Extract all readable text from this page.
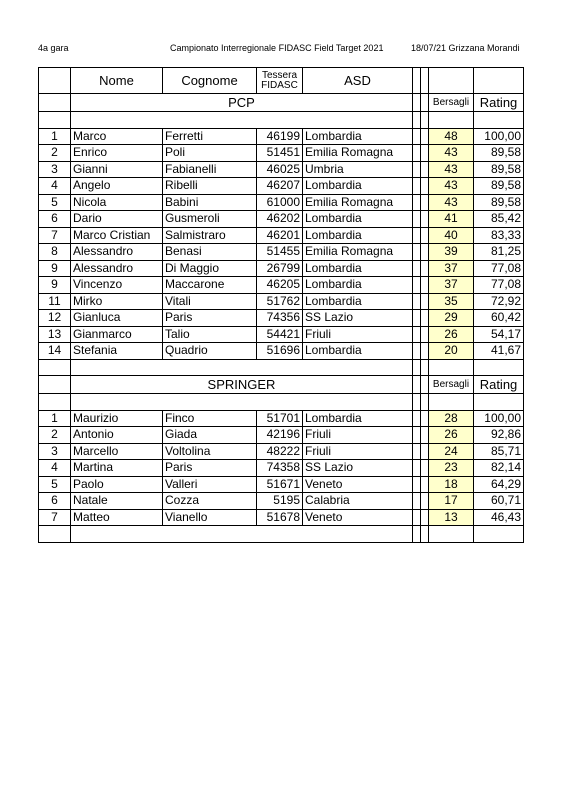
4a gara	Campionato Interregionale FIDASC Field Target 2021	18/07/21 Grizzana Morandi
	Nome	Cognome	Tessera FIDASC	ASD				
	PCP						Bersagli	Rating

1	Marco	Ferretti	46199	Lombardia			48	100,00
2	Enrico	Poli	51451	Emilia Romagna			43	89,58
3	Gianni	Fabianelli	46025	Umbria			43	89,58
4	Angelo	Ribelli	46207	Lombardia			43	89,58
5	Nicola	Babini	61000	Emilia Romagna			43	89,58
6	Dario	Gusmeroli	46202	Lombardia			41	85,42
7	Marco Cristian	Salmistraro	46201	Lombardia			40	83,33
8	Alessandro	Benasi	51455	Emilia Romagna			39	81,25
9	Alessandro	Di Maggio	26799	Lombardia			37	77,08
9	Vincenzo	Maccarone	46205	Lombardia			37	77,08
11	Mirko	Vitali	51762	Lombardia			35	72,92
12	Gianluca	Paris	74356	SS Lazio			29	60,42
13	Gianmarco	Talio	54421	Friuli			26	54,17
14	Stefania	Quadrio	51696	Lombardia			20	41,67

	SPRINGER						Bersagli	Rating

1	Maurizio	Finco	51701	Lombardia			28	100,00
2	Antonio	Giada	42196	Friuli			26	92,86
3	Marcello	Voltolina	48222	Friuli			24	85,71
4	Martina	Paris	74358	SS Lazio			23	82,14
5	Paolo	Valleri	51671	Veneto			18	64,29
6	Natale	Cozza	5195	Calabria			17	60,71
7	Matteo	Vianello	51678	Veneto			13	46,43
